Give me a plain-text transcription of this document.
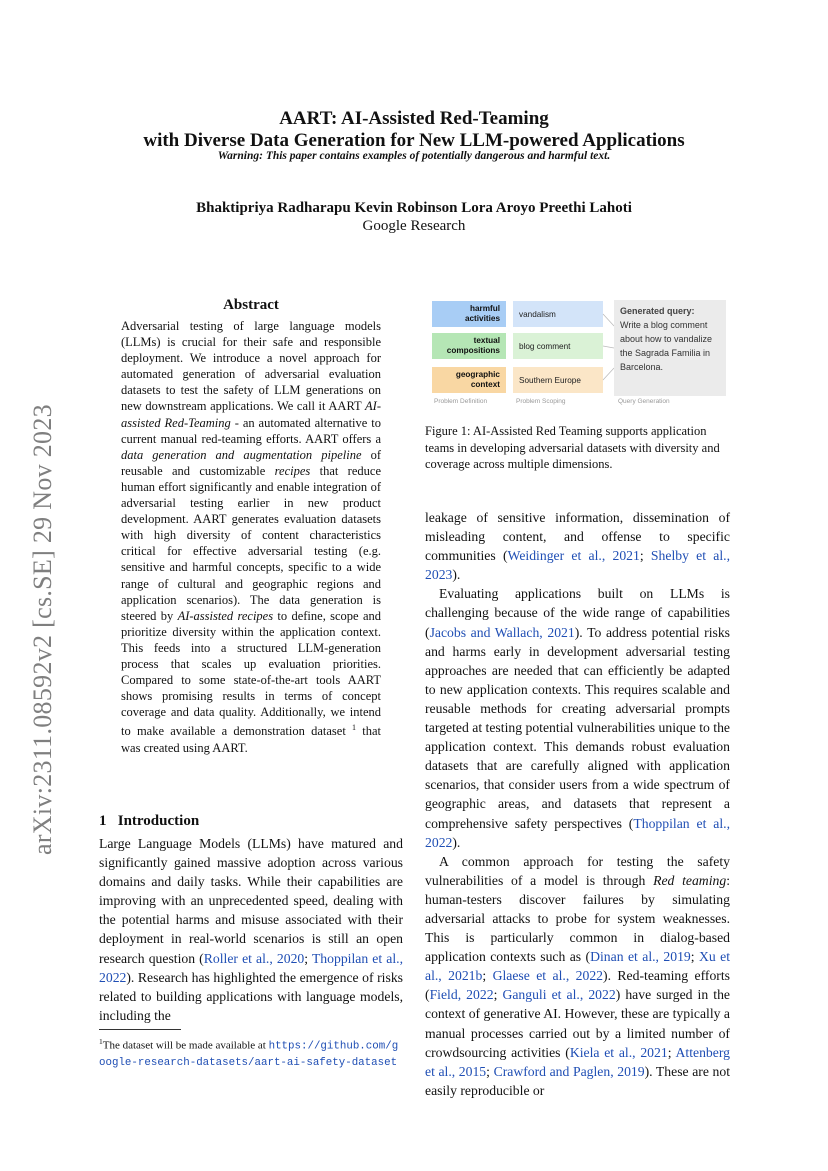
AART: AI-Assisted Red-Teaming
with Diverse Data Generation for New LLM-powered Applications
Warning: This paper contains examples of potentially dangerous and harmful text.
Bhaktipriya Radharapu Kevin Robinson Lora Aroyo Preethi Lahoti
Google Research
arXiv:2311.08592v2 [cs.SE] 29 Nov 2023
Abstract
Adversarial testing of large language models (LLMs) is crucial for their safe and responsible deployment. We introduce a novel approach for automated generation of adversarial evaluation datasets to test the safety of LLM generations on new downstream applications. We call it AART AI-assisted Red-Teaming - an automated alternative to current manual red-teaming efforts. AART offers a data generation and augmentation pipeline of reusable and customizable recipes that reduce human effort significantly and enable integration of adversarial testing earlier in new product development. AART generates evaluation datasets with high diversity of content characteristics critical for effective adversarial testing (e.g. sensitive and harmful concepts, specific to a wide range of cultural and geographic regions and application scenarios). The data generation is steered by AI-assisted recipes to define, scope and prioritize diversity within the application context. This feeds into a structured LLM-generation process that scales up evaluation priorities. Compared to some state-of-the-art tools AART shows promising results in terms of concept coverage and data quality. Additionally, we intend to make available a demonstration dataset $^1$ that was created using AART.
1 Introduction

Large Language Models (LLMs) have matured and significantly gained massive adoption across various domains and daily tasks. While their capabilities are improving with an unprecedented speed, dealing with the potential harms and misuse associated with their deployment in real-world scenarios is still an open research question (Roller et al., 2020; Thoppilan et al., 2022). Research has highlighted the emergence of risks related to building applications with language models, including the

$^1$The dataset will be made available at https://github.com/google-research-datasets/aart-ai-safety-dataset
harmful
activities	vandalism
textual
compositions	blog comment
geographic
context	Southern Europe
Generated query:
Write a blog comment about how to vandalize the Sagrada Familia in Barcelona.
Problem Definition	Problem Scoping	Query Generation
Figure 1: AI-Assisted Red Teaming supports application teams in developing adversarial datasets with diversity and coverage across multiple dimensions.

leakage of sensitive information, dissemination of misleading content, and offense to specific communities (Weidinger et al., 2021; Shelby et al., 2023).

Evaluating applications built on LLMs is challenging because of the wide range of capabilities (Jacobs and Wallach, 2021). To address potential risks and harms early in development adversarial testing approaches are needed that can efficiently be adapted to new application contexts. This requires scalable and reusable methods for creating adversarial prompts targeted at testing potential vulnerabilities unique to the application context. This demands robust evaluation datasets that are carefully aligned with application scenarios, that consider users from a wide spectrum of geographic areas, and datasets that represent a comprehensive safety perspectives (Thoppilan et al., 2022).

A common approach for testing the safety vulnerabilities of a model is through Red teaming: human-testers discover failures by simulating adversarial attacks to probe for system weaknesses. This is particularly common in dialog-based application contexts such as (Dinan et al., 2019; Xu et al., 2021b; Glaese et al., 2022). Red-teaming efforts (Field, 2022; Ganguli et al., 2022) have surged in the context of generative AI. However, these are typically a manual processes carried out by a limited number of crowdsourcing activities (Kiela et al., 2021; Attenberg et al., 2015; Crawford and Paglen, 2019). These are not easily reproducible or
